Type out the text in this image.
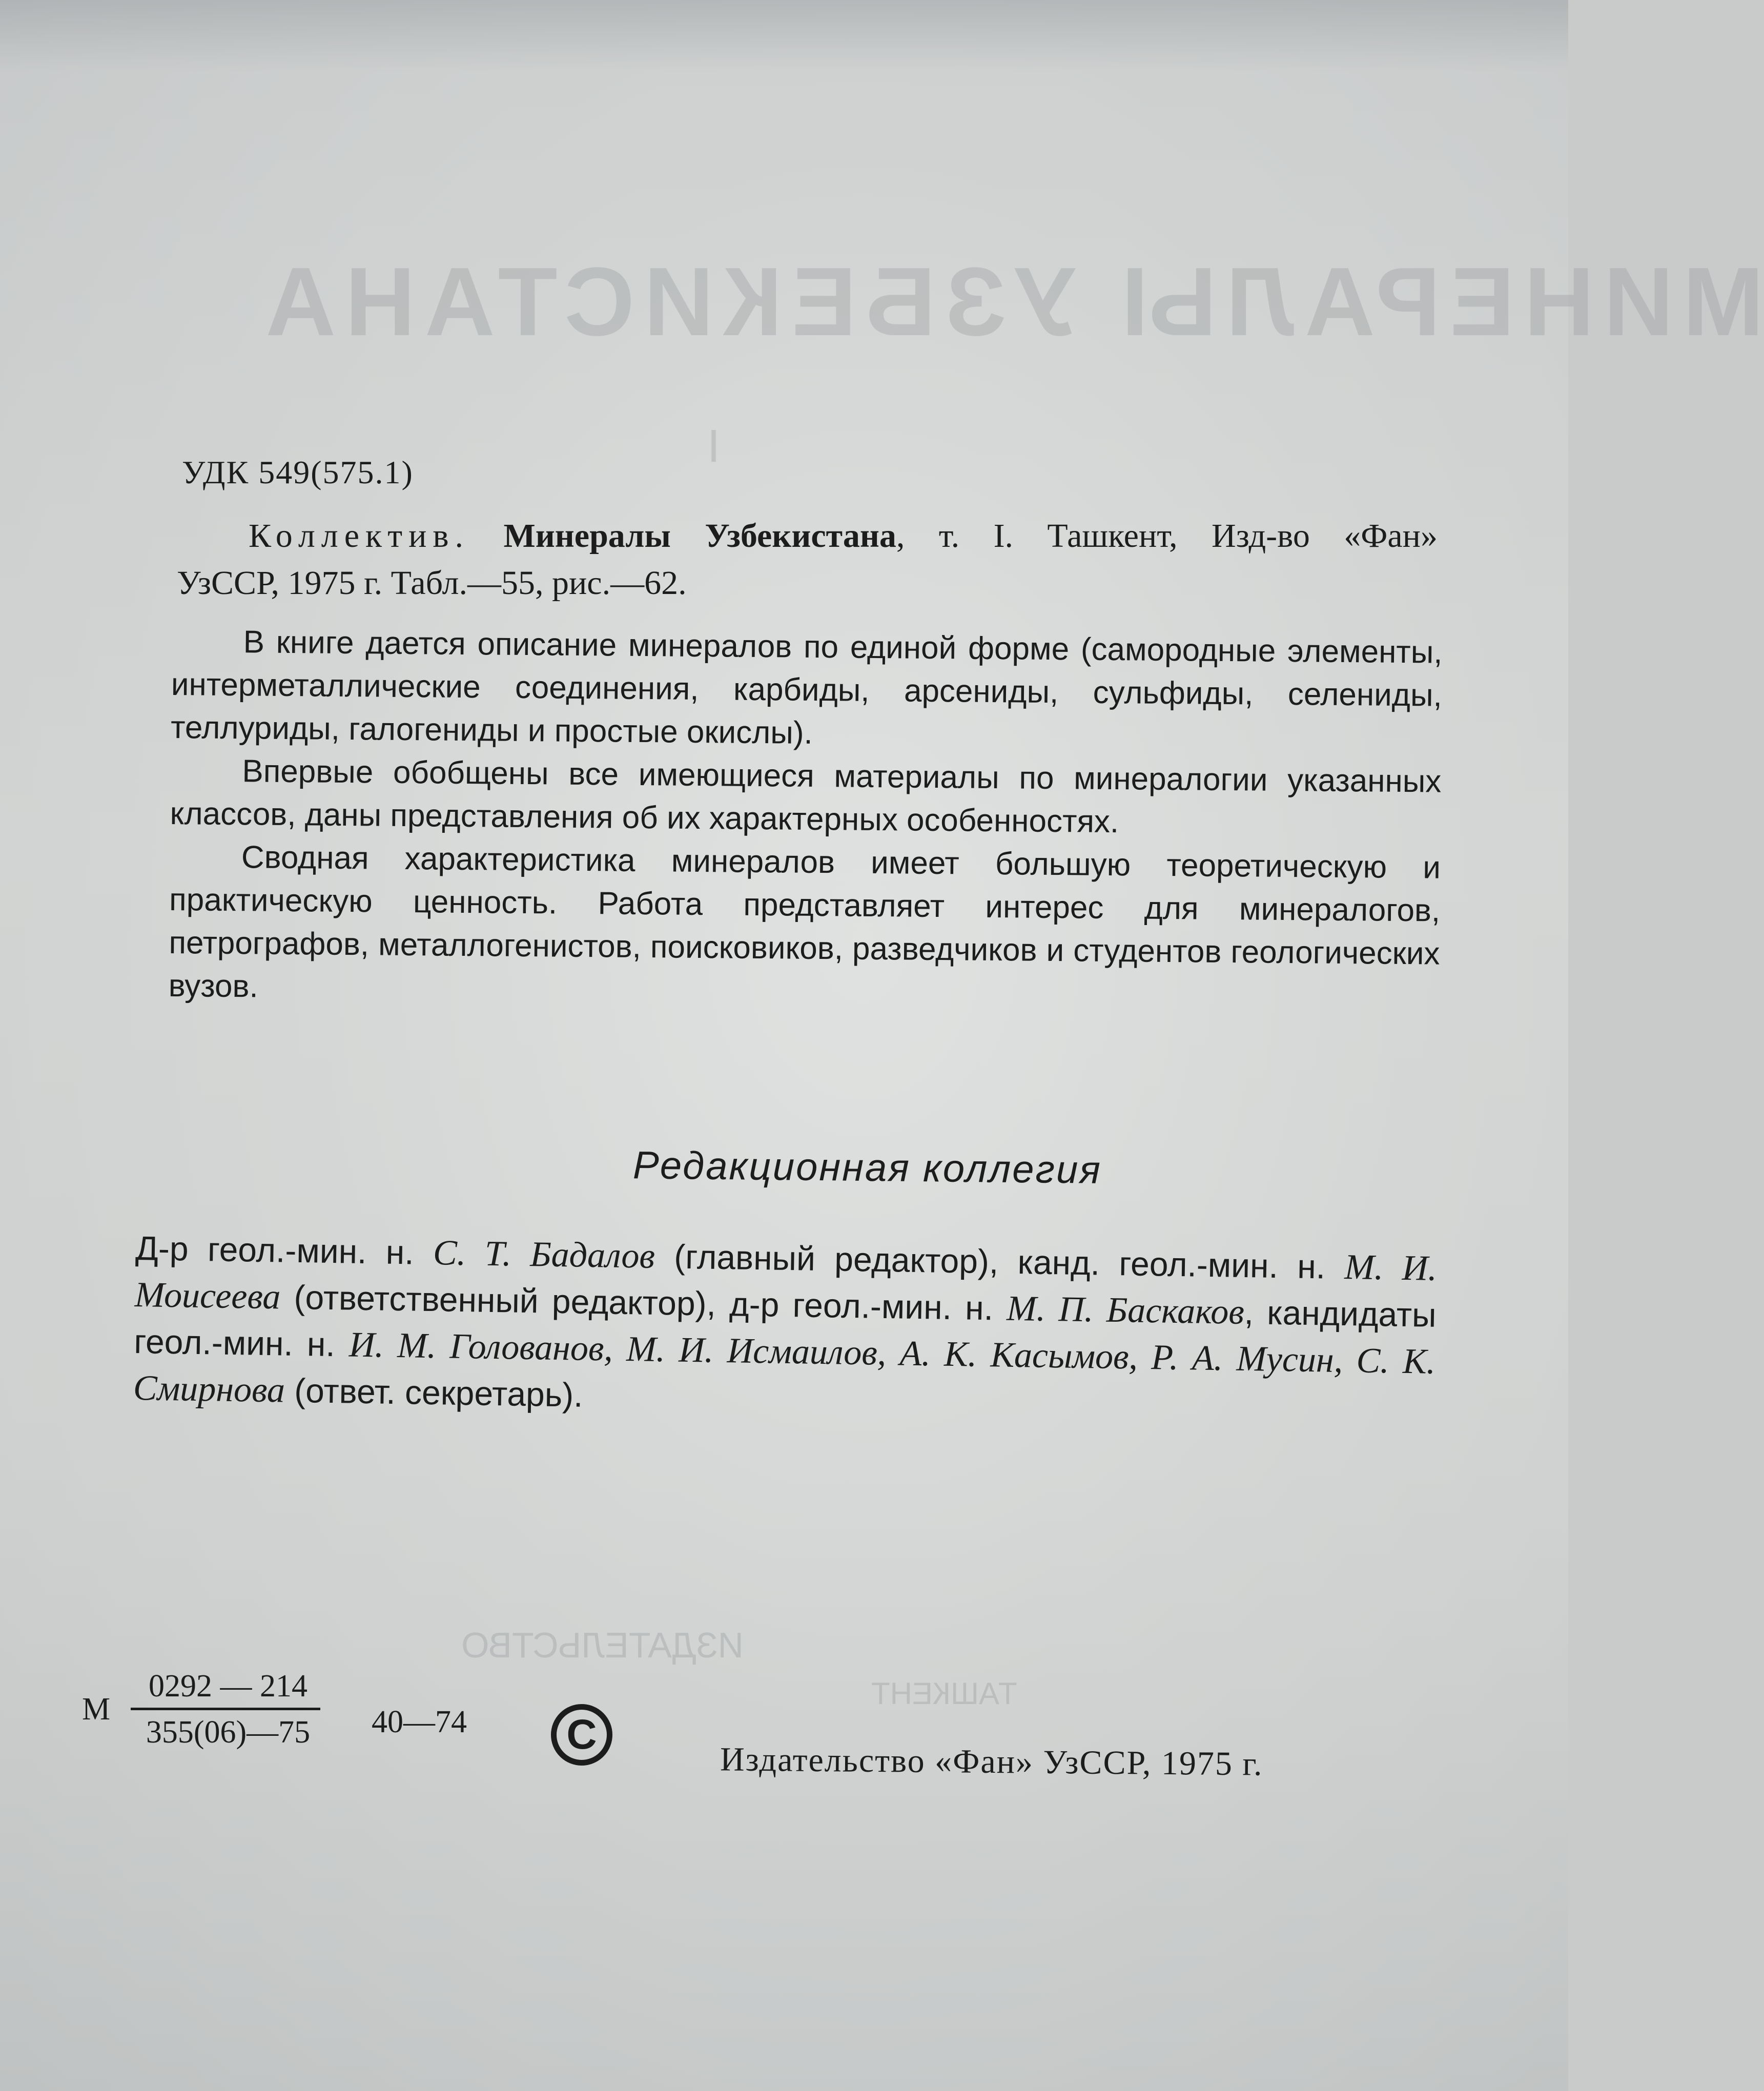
МИНЕРАЛЫ УЗБЕКИСТАНА
I
ИЗДАТЕЛЬСТВО
ТАШКЕНТ
УДК 549(575.1)
Коллектив. Минералы Узбекистана, т. I. Ташкент, Изд-во «Фан»
УзССР, 1975 г. Табл.—55, рис.—62.

В книге дается описание минералов по единой форме (самородные элементы, интерметаллические соединения, карбиды, арсениды, сульфиды, селениды, теллуриды, галогениды и простые окислы).

Впервые обобщены все имеющиеся материалы по минералогии указанных классов, даны представления об их характерных особенностях.

Сводная характеристика минералов имеет большую теоретическую и практическую ценность. Работа представляет интерес для минералогов, петрографов, металлогенистов, поисковиков, разведчиков и студентов геологических вузов.

Редакционная коллегия
Д-р геол.-мин. н. С. Т. Бадалов (главный редактор), канд. геол.-мин. н. М. И. Моисеева (ответственный редактор), д-р геол.-мин. н. М. П. Баскаков, кандидаты геол.-мин. н. И. М. Голованов, М. И. Исмаилов, А. К. Касымов, Р. А. Мусин, С. К. Смирнова (ответ. секретарь).
М
0292 — 214
355(06)—75	40—74	C
Издательство «Фан» УзССР, 1975 г.
